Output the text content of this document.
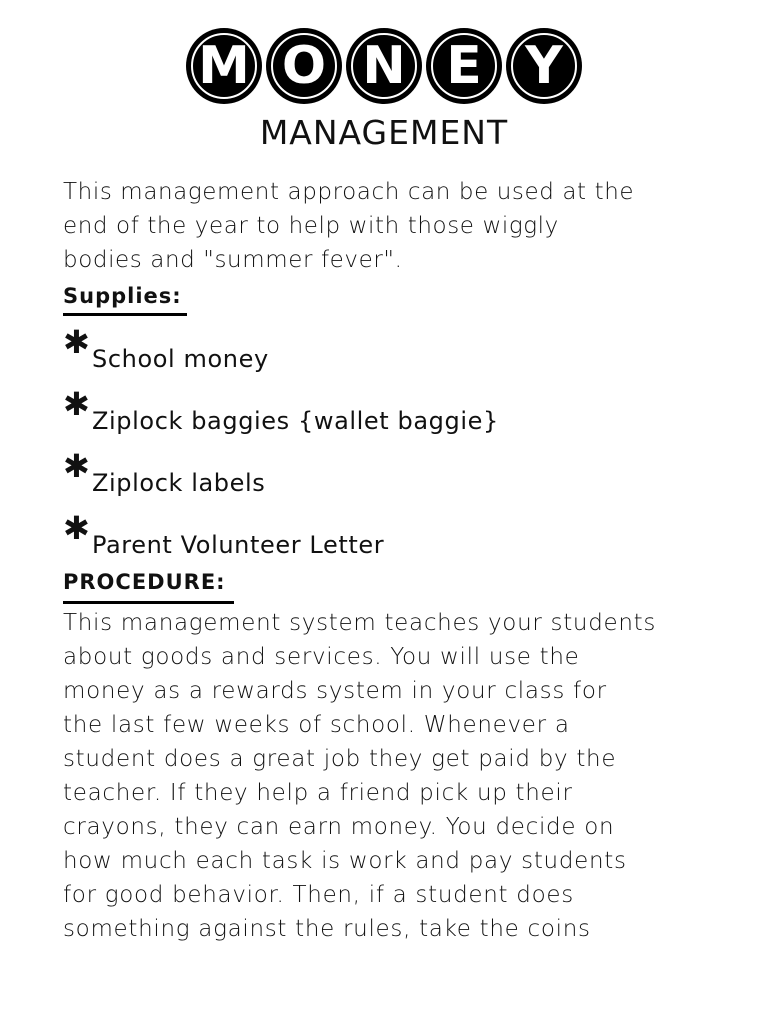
M O N E Y
MANAGEMENT
This management approach can be used at the
end of the year to help with those wiggly
bodies and "summer fever".
Supplies:
✱ School money
✱ Ziplock baggies {wallet baggie}
✱ Ziplock labels
✱ Parent Volunteer Letter
PROCEDURE:
This management system teaches your students
about goods and services. You will use the
money as a rewards system in your class for
the last few weeks of school. Whenever a
student does a great job they get paid by the
teacher. If they help a friend pick up their
crayons, they can earn money. You decide on
how much each task is work and pay students
for good behavior. Then, if a student does
something against the rules, take the coins
